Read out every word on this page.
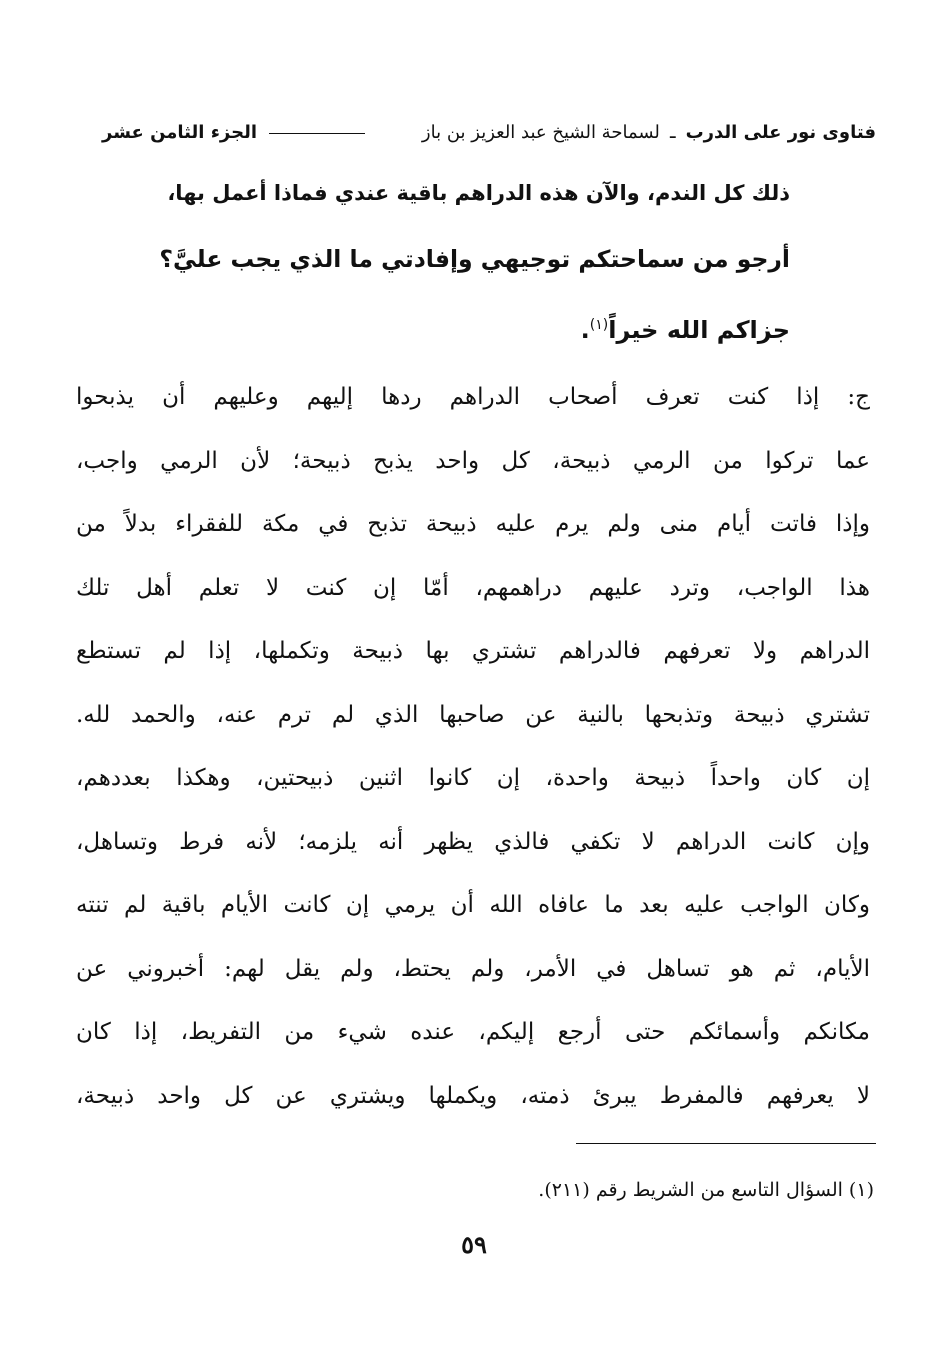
فتاوى نور على الدرب ـ لسماحة الشيخ عبد العزيز بن باز
الجزء الثامن عشر
ذلك كل الندم، والآن هذه الدراهم باقية عندي فماذا أعمل بها،
أرجو من سماحتكم توجيهي وإفادتي ما الذي يجب عليَّ؟
جزاكم الله خيراً$^{(١)}$.
ج: إذا كنت تعرف أصحاب الدراهم ردها إليهم وعليهم أن يذبحوا
عما تركوا من الرمي ذبيحة، كل واحد يذبح ذبيحة؛ لأن الرمي واجب،
وإذا فاتت أيام منى ولم يرم عليه ذبيحة تذبح في مكة للفقراء بدلاً من
هذا الواجب، وترد عليهم دراهمهم، أمّا إن كنت لا تعلم أهل تلك
الدراهم ولا تعرفهم فالدراهم تشتري بها ذبيحة وتكملها، إذا لم تستطع
تشتري ذبيحة وتذبحها بالنية عن صاحبها الذي لم ترم عنه، والحمد لله.
إن كان واحداً ذبيحة واحدة، إن كانوا اثنين ذبيحتين، وهكذا بعددهم،
وإن كانت الدراهم لا تكفي فالذي يظهر أنه يلزمه؛ لأنه فرط وتساهل،
وكان الواجب عليه بعد ما عافاه الله أن يرمي إن كانت الأيام باقية لم تنته
الأيام، ثم هو تساهل في الأمر، ولم يحتط، ولم يقل لهم: أخبروني عن
مكانكم وأسمائكم حتى أرجع إليكم، عنده شيء من التفريط، إذا كان
لا يعرفهم فالمفرط يبرئ ذمته، ويكملها ويشتري عن كل واحد ذبيحة،
(١) السؤال التاسع من الشريط رقم (٢١١).
٥٩
